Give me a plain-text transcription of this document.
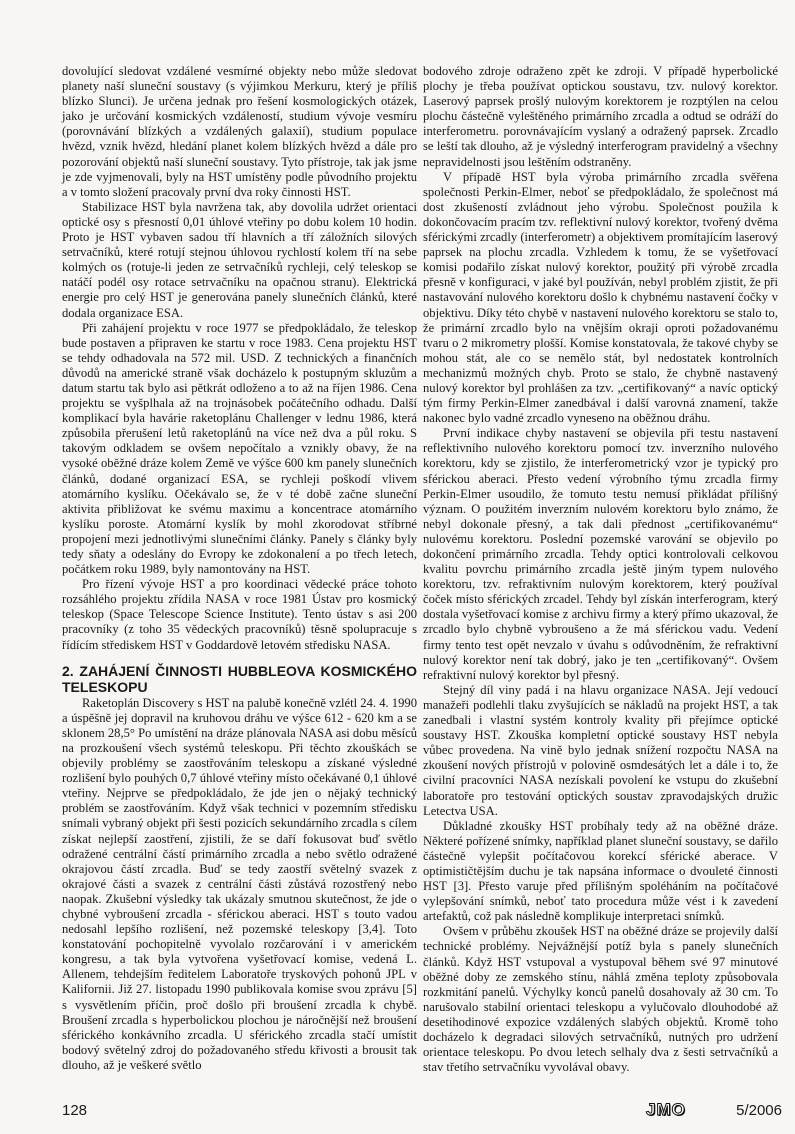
dovolující sledovat vzdálené vesmírné objekty nebo může sledovat planety naší sluneční soustavy (s výjimkou Merkuru, který je příliš blízko Slunci). Je určena jednak pro řešení kosmologických otázek, jako je určování kosmických vzdáleností, studium vývoje vesmíru (porovnávání blízkých a vzdálených galaxií), studium populace hvězd, vznik hvězd, hledání planet kolem blízkých hvězd a dále pro pozorování objektů naší sluneční soustavy. Tyto přístroje, tak jak jsme je zde vyjmenovali, byly na HST umístěny podle původního projektu a v tomto složení pracovaly první dva roky činnosti HST.

Stabilizace HST byla navržena tak, aby dovolila udržet orientaci optické osy s přesností 0,01 úhlové vteřiny po dobu kolem 10 hodin. Proto je HST vybaven sadou tří hlavních a tří záložních silových setrvačníků, které rotují stejnou úhlovou rychlostí kolem tří na sebe kolmých os (rotuje-li jeden ze setrvačníků rychleji, celý teleskop se natáčí podél osy rotace setrvačníku na opačnou stranu). Elektrická energie pro celý HST je generována panely slunečních článků, které dodala organizace ESA.

Při zahájení projektu v roce 1977 se předpokládalo, že teleskop bude postaven a připraven ke startu v roce 1983. Cena projektu HST se tehdy odhadovala na 572 mil. USD. Z technických a finančních důvodů na americké straně však docházelo k postupným skluzům a datum startu tak bylo asi pětkrát odloženo a to až na říjen 1986. Cena projektu se vyšplhala až na trojnásobek počátečního odhadu. Další komplikací byla havárie raketoplánu Challenger v lednu 1986, která způsobila přerušení letů raketoplánů na více než dva a půl roku. S takovým odkladem se ovšem nepočítalo a vznikly obavy, že na vysoké oběžné dráze kolem Země ve výšce 600 km panely slunečních článků, dodané organizací ESA, se rychleji poškodí vlivem atomárního kyslíku. Očekávalo se, že v té době začne sluneční aktivita přibližovat ke svému maximu a koncentrace atomárního kyslíku poroste. Atomární kyslík by mohl zkorodovat stříbrné propojení mezi jednotlivými slunečními články. Panely s články byly tedy sňaty a odeslány do Evropy ke zdokonalení a po třech letech, počátkem roku 1989, byly namontovány na HST.

Pro řízení vývoje HST a pro koordinaci vědecké práce tohoto rozsáhlého projektu zřídila NASA v roce 1981 Ústav pro kosmický teleskop (Space Telescope Science Institute). Tento ústav s asi 200 pracovníky (z toho 35 vědeckých pracovníků) těsně spolupracuje s řídícím střediskem HST v Goddardově letovém středisku NASA.

2. ZAHÁJENÍ ČINNOSTI HUBBLEOVA KOSMICKÉHO TELESKOPU

Raketoplán Discovery s HST na palubě konečně vzlétl 24. 4. 1990 a úspěšně jej dopravil na kruhovou dráhu ve výšce 612 - 620 km a se sklonem 28,5° Po umístění na dráze plánovala NASA asi dobu měsíců na prozkoušení všech systémů teleskopu. Při těchto zkouškách se objevily problémy se zaostřováním teleskopu a získané výsledné rozlišení bylo pouhých 0,7 úhlové vteřiny místo očekávané 0,1 úhlové vteřiny. Nejprve se předpokládalo, že jde jen o nějaký technický problém se zaostřováním. Když však technici v pozemním středisku snímali vybraný objekt při šesti pozicích sekundárního zrcadla s cílem získat nejlepší zaostření, zjistili, že se daří fokusovat buď světlo odražené centrální částí primárního zrcadla a nebo světlo odražené okrajovou částí zrcadla. Buď se tedy zaostří světelný svazek z okrajové části a svazek z centrální části zůstává rozostřený nebo naopak. Zkušební výsledky tak ukázaly smutnou skutečnost, že jde o chybné vybroušení zrcadla - sférickou aberaci. HST s touto vadou nedosahl lepšího rozlišení, než pozemské teleskopy [3,4]. Toto konstatování pochopitelně vyvolalo rozčarování i v americkém kongresu, a tak byla vytvořena vyšetřovací komise, vedená L. Allenem, tehdejším ředitelem Laboratoře tryskových pohonů JPL v Kalifornii. Již 27. listopadu 1990 publikovala komise svou zprávu [5] s vysvětlením příčin, proč došlo při broušení zrcadla k chybě. Broušení zrcadla s hyperbolickou plochou je náročnější než broušení sférického konkávního zrcadla. U sférického zrcadla stačí umístit bodový světelný zdroj do požadovaného středu křivosti a brousit tak dlouho, až je veškeré světlo

bodového zdroje odraženo zpět ke zdroji. V případě hyperbolické plochy je třeba používat optickou soustavu, tzv. nulový korektor. Laserový paprsek prošlý nulovým korektorem je rozptýlen na celou plochu částečně vyleštěného primárního zrcadla a odtud se odráží do interferometru. porovnávajícím vyslaný a odražený paprsek. Zrcadlo se leští tak dlouho, až je výsledný interferogram pravidelný a všechny nepravidelnosti jsou leštěním odstraněny.

V případě HST byla výroba primárního zrcadla svěřena společnosti Perkin-Elmer, neboť se předpokládalo, že společnost má dost zkušeností zvládnout jeho výrobu. Společnost použila k dokončovacím pracím tzv. reflektivní nulový korektor, tvořený dvěma sférickými zrcadly (interferometr) a objektivem promítajícím laserový paprsek na plochu zrcadla. Vzhledem k tomu, že se vyšetřovací komisi podařilo získat nulový korektor, použitý při výrobě zrcadla přesně v konfiguraci, v jaké byl používán, nebyl problém zjistit, že při nastavování nulového korektoru došlo k chybnému nastavení čočky v objektivu. Díky této chybě v nastavení nulového korektoru se stalo to, že primární zrcadlo bylo na vnějším okraji oproti požadovanému tvaru o 2 mikrometry plošší. Komise konstatovala, že takové chyby se mohou stát, ale co se nemělo stát, byl nedostatek kontrolních mechanizmů možných chyb. Proto se stalo, že chybně nastavený nulový korektor byl prohlášen za tzv. „certifikovaný“ a navíc optický tým firmy Perkin-Elmer zanedbával i další varovná znamení, takže nakonec bylo vadné zrcadlo vyneseno na oběžnou dráhu.

První indikace chyby nastavení se objevila při testu nastavení reflektivního nulového korektoru pomocí tzv. inverzního nulového korektoru, kdy se zjistilo, že interferometrický vzor je typický pro sférickou aberaci. Přesto vedení výrobního týmu zrcadla firmy Perkin-Elmer usoudilo, že tomuto testu nemusí přikládat přílišný význam. O použitém inverzním nulovém korektoru bylo známo, že nebyl dokonale přesný, a tak dali přednost „certifikovanému“ nulovému korektoru. Poslední pozemské varování se objevilo po dokončení primárního zrcadla. Tehdy optici kontrolovali celkovou kvalitu povrchu primárního zrcadla ještě jiným typem nulového korektoru, tzv. refraktivním nulovým korektorem, který používal čoček místo sférických zrcadel. Tehdy byl získán interferogram, který dostala vyšetřovací komise z archivu firmy a který přímo ukazoval, že zrcadlo bylo chybně vybroušeno a že má sférickou vadu. Vedení firmy tento test opět nevzalo v úvahu s odůvodněním, že refraktivní nulový korektor není tak dobrý, jako je ten „certifikovaný“. Ovšem refraktivní nulový korektor byl přesný.

Stejný díl viny padá i na hlavu organizace NASA. Její vedoucí manažeři podlehli tlaku zvyšujících se nákladů na projekt HST, a tak zanedbali i vlastní systém kontroly kvality při přejímce optické soustavy HST. Zkouška kompletní optické soustavy HST nebyla vůbec provedena. Na vině bylo jednak snížení rozpočtu NASA na zkoušení nových přístrojů v polovině osmdesátých let a dále i to, že civilní pracovníci NASA nezískali povolení ke vstupu do zkušební laboratoře pro testování optických soustav zpravodajských družic Letectva USA.

Důkladné zkoušky HST probíhaly tedy až na oběžné dráze. Některé pořízené snímky, například planet sluneční soustavy, se dařilo částečně vylepšit počítačovou korekcí sférické aberace. V optimističtějším duchu je tak napsána informace o dvouleté činnosti HST [3]. Přesto varuje před přílišným spoléháním na počítačové vylepšování snímků, neboť tato procedura může vést i k zavedení artefaktů, což pak následně komplikuje interpretaci snímků.

Ovšem v průběhu zkoušek HST na oběžné dráze se projevily další technické problémy. Nejvážnější potíž byla s panely slunečních článků. Když HST vstupoval a vystupoval během své 97 minutové oběžné doby ze zemského stínu, náhlá změna teploty způsobovala rozkmitání panelů. Výchylky konců panelů dosahovaly až 30 cm. To narušovalo stabilní orientaci teleskopu a vylučovalo dlouhodobé až desetihodinové expozice vzdálených slabých objektů. Kromě toho docházelo k degradaci silových setrvačníků, nutných pro udržení orientace teleskopu. Po dvou letech selhaly dva z šesti setrvačníků a stav třetího setrvačníku vyvolával obavy.

128	JMO	5/2006
